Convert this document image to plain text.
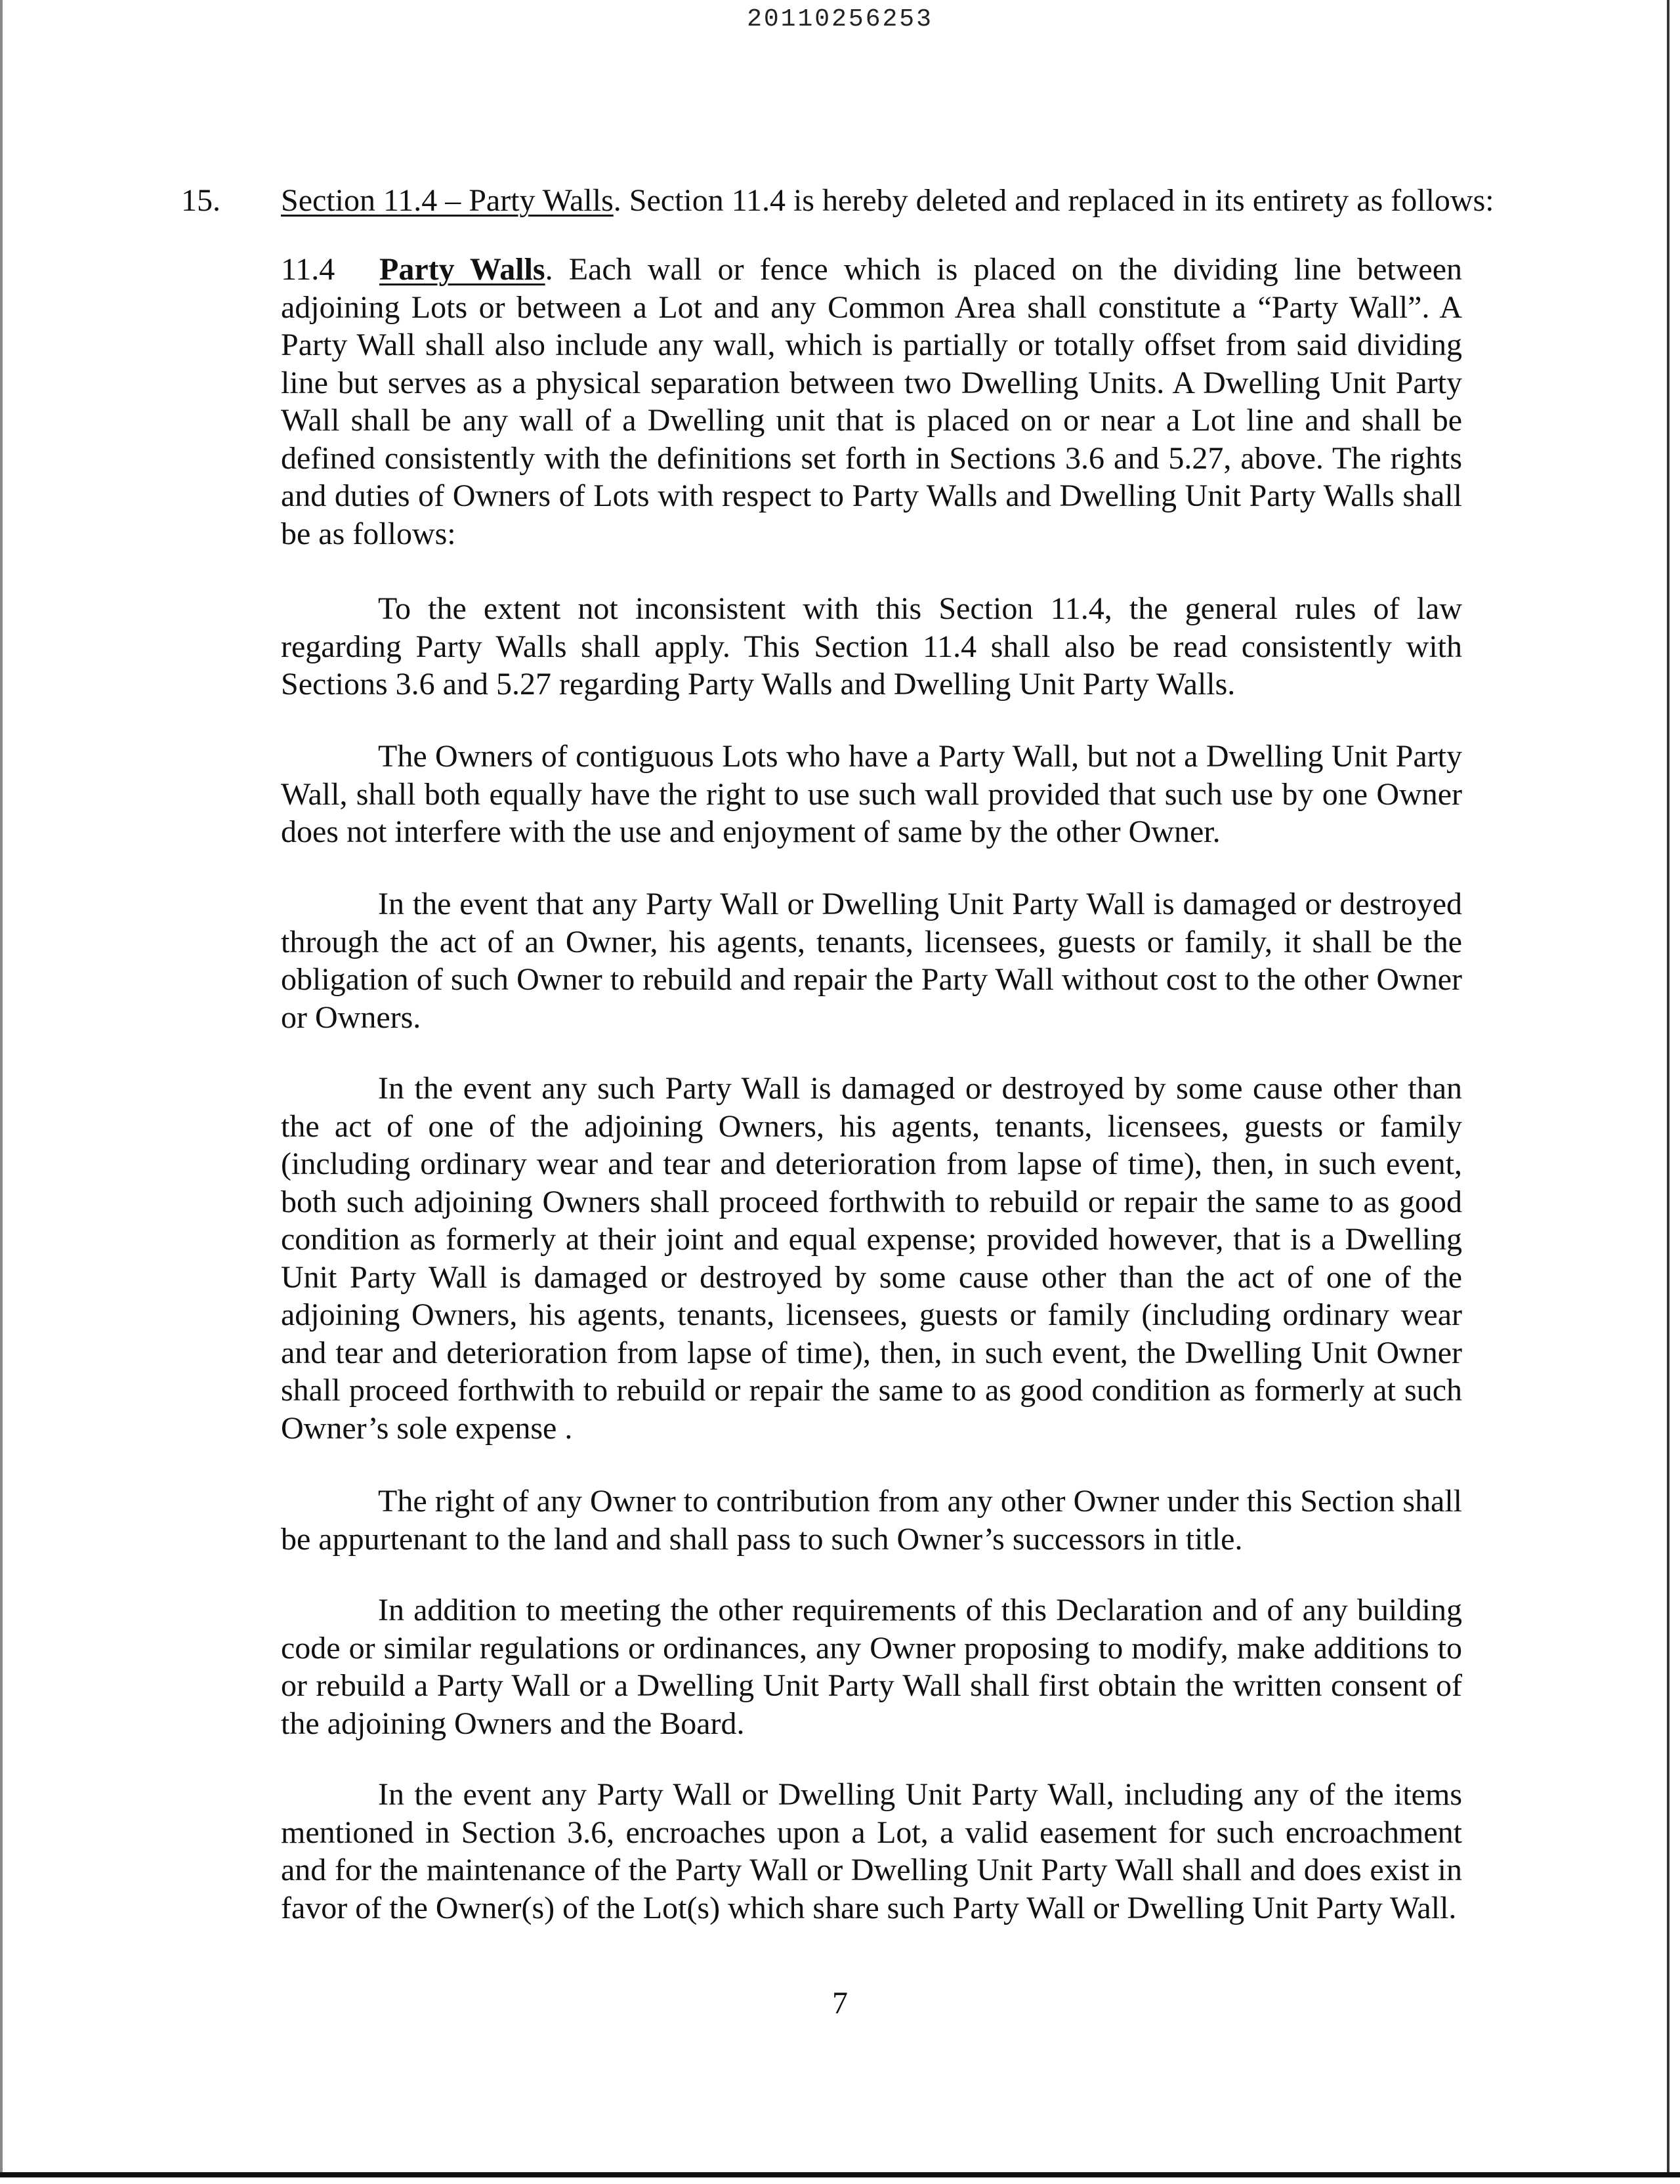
20110256253
15. Section 11.4 – Party Walls. Section 11.4 is hereby deleted and replaced in its entirety as follows:

11.4 Party Walls. Each wall or fence which is placed on the dividing line between adjoining Lots or between a Lot and any Common Area shall constitute a “Party Wall”. A Party Wall shall also include any wall, which is partially or totally offset from said dividing line but serves as a physical separation between two Dwelling Units. A Dwelling Unit Party Wall shall be any wall of a Dwelling unit that is placed on or near a Lot line and shall be defined consistently with the definitions set forth in Sections 3.6 and 5.27, above. The rights and duties of Owners of Lots with respect to Party Walls and Dwelling Unit Party Walls shall be as follows:

To the extent not inconsistent with this Section 11.4, the general rules of law regarding Party Walls shall apply. This Section 11.4 shall also be read consistently with Sections 3.6 and 5.27 regarding Party Walls and Dwelling Unit Party Walls.

The Owners of contiguous Lots who have a Party Wall, but not a Dwelling Unit Party Wall, shall both equally have the right to use such wall provided that such use by one Owner does not interfere with the use and enjoyment of same by the other Owner.

In the event that any Party Wall or Dwelling Unit Party Wall is damaged or destroyed through the act of an Owner, his agents, tenants, licensees, guests or family, it shall be the obligation of such Owner to rebuild and repair the Party Wall without cost to the other Owner or Owners.

In the event any such Party Wall is damaged or destroyed by some cause other than the act of one of the adjoining Owners, his agents, tenants, licensees, guests or family (including ordinary wear and tear and deterioration from lapse of time), then, in such event, both such adjoining Owners shall proceed forthwith to rebuild or repair the same to as good condition as formerly at their joint and equal expense; provided however, that is a Dwelling Unit Party Wall is damaged or destroyed by some cause other than the act of one of the adjoining Owners, his agents, tenants, licensees, guests or family (including ordinary wear and tear and deterioration from lapse of time), then, in such event, the Dwelling Unit Owner shall proceed forthwith to rebuild or repair the same to as good condition as formerly at such Owner’s sole expense .

The right of any Owner to contribution from any other Owner under this Section shall be appurtenant to the land and shall pass to such Owner’s successors in title.

In addition to meeting the other requirements of this Declaration and of any building code or similar regulations or ordinances, any Owner proposing to modify, make additions to or rebuild a Party Wall or a Dwelling Unit Party Wall shall first obtain the written consent of the adjoining Owners and the Board.

In the event any Party Wall or Dwelling Unit Party Wall, including any of the items mentioned in Section 3.6, encroaches upon a Lot, a valid easement for such encroachment and for the maintenance of the Party Wall or Dwelling Unit Party Wall shall and does exist in favor of the Owner(s) of the Lot(s) which share such Party Wall or Dwelling Unit Party Wall.

7
